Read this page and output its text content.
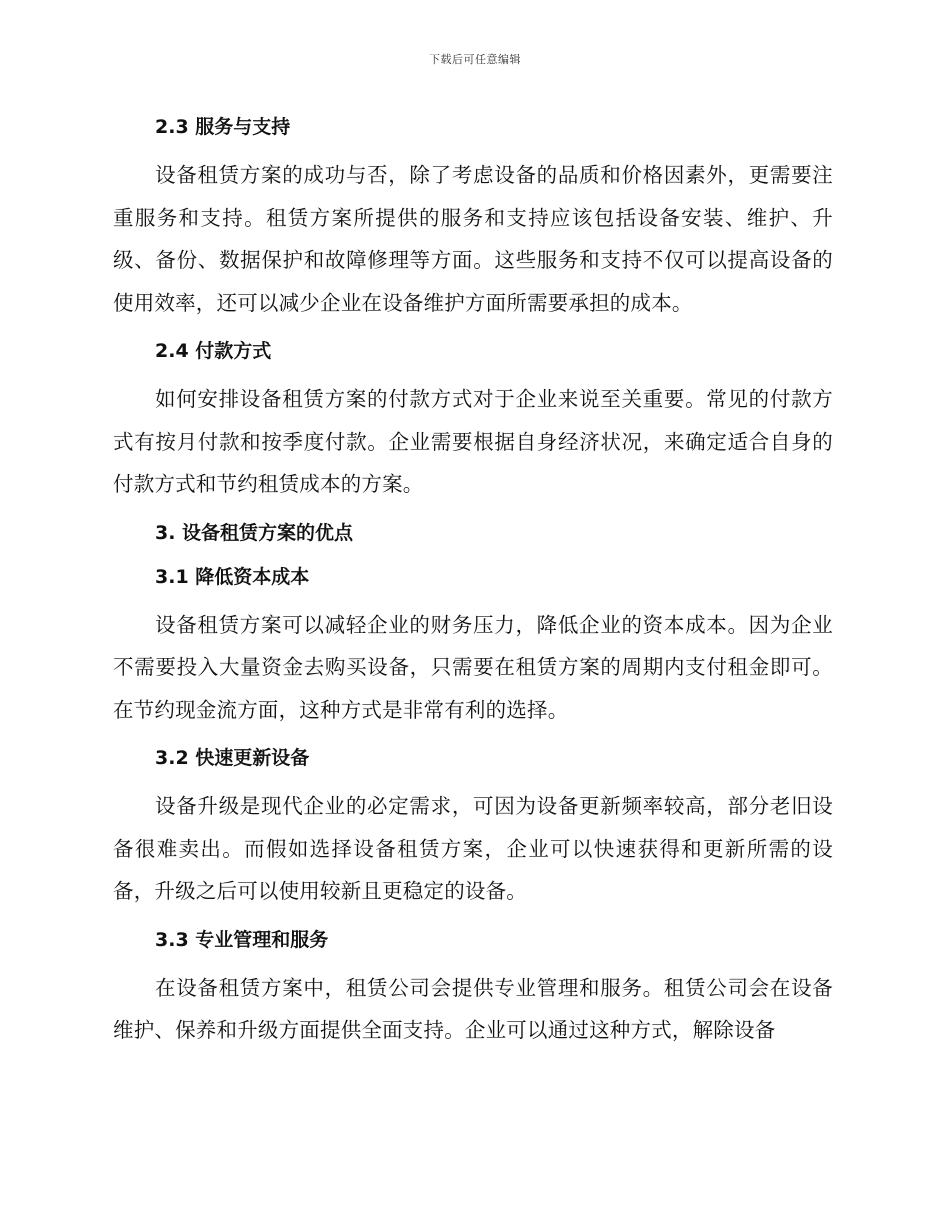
下载后可任意编辑
2.3 服务与支持
设备租赁方案的成功与否，除了考虑设备的品质和价格因素外，更需要注重服务和支持。租赁方案所提供的服务和支持应该包括设备安装、维护、升级、备份、数据保护和故障修理等方面。这些服务和支持不仅可以提高设备的使用效率，还可以减少企业在设备维护方面所需要承担的成本。
2.4 付款方式
如何安排设备租赁方案的付款方式对于企业来说至关重要。常见的付款方式有按月付款和按季度付款。企业需要根据自身经济状况，来确定适合自身的付款方式和节约租赁成本的方案。
3. 设备租赁方案的优点
3.1 降低资本成本
设备租赁方案可以减轻企业的财务压力，降低企业的资本成本。因为企业不需要投入大量资金去购买设备，只需要在租赁方案的周期内支付租金即可。在节约现金流方面，这种方式是非常有利的选择。
3.2 快速更新设备
设备升级是现代企业的必定需求，可因为设备更新频率较高，部分老旧设备很难卖出。而假如选择设备租赁方案，企业可以快速获得和更新所需的设备，升级之后可以使用较新且更稳定的设备。
3.3 专业管理和服务
在设备租赁方案中，租赁公司会提供专业管理和服务。租赁公司会在设备维护、保养和升级方面提供全面支持。企业可以通过这种方式，解除设备
